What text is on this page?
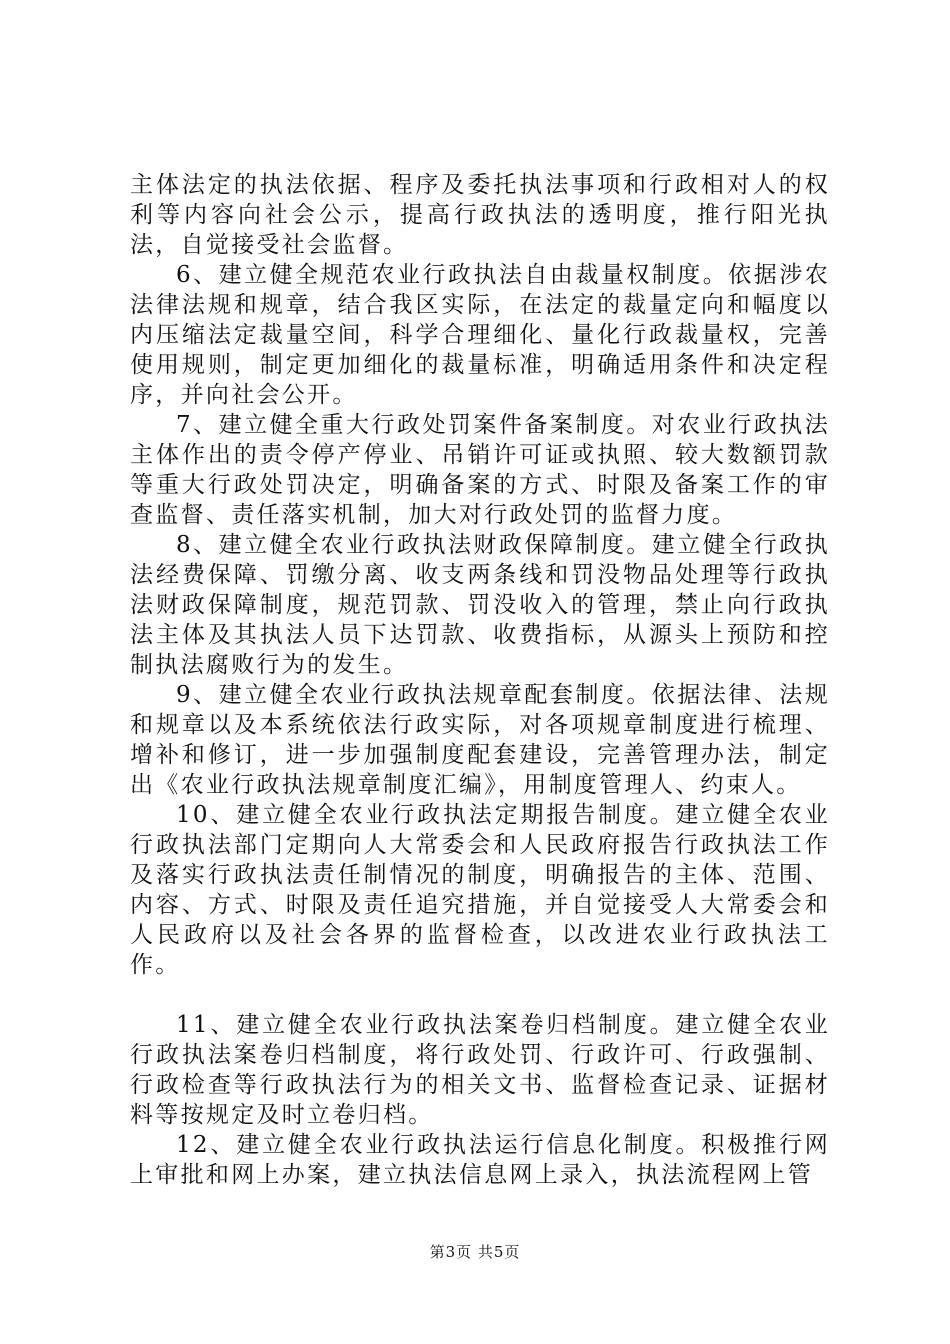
主体法定的执法依据、程序及委托执法事项和行政相对人的权利等内容向社会公示，提高行政执法的透明度，推行阳光执法，自觉接受社会监督。

6、建立健全规范农业行政执法自由裁量权制度。依据涉农法律法规和规章，结合我区实际，在法定的裁量定向和幅度以内压缩法定裁量空间，科学合理细化、量化行政裁量权，完善使用规则，制定更加细化的裁量标准，明确适用条件和决定程序，并向社会公开。

7、建立健全重大行政处罚案件备案制度。对农业行政执法主体作出的责令停产停业、吊销许可证或执照、较大数额罚款等重大行政处罚决定，明确备案的方式、时限及备案工作的审查监督、责任落实机制，加大对行政处罚的监督力度。

8、建立健全农业行政执法财政保障制度。建立健全行政执法经费保障、罚缴分离、收支两条线和罚没物品处理等行政执法财政保障制度，规范罚款、罚没收入的管理，禁止向行政执法主体及其执法人员下达罚款、收费指标，从源头上预防和控制执法腐败行为的发生。

9、建立健全农业行政执法规章配套制度。依据法律、法规和规章以及本系统依法行政实际，对各项规章制度进行梳理、增补和修订，进一步加强制度配套建设，完善管理办法，制定出《农业行政执法规章制度汇编》，用制度管理人、约束人。

10、建立健全农业行政执法定期报告制度。建立健全农业行政执法部门定期向人大常委会和人民政府报告行政执法工作及落实行政执法责任制情况的制度，明确报告的主体、范围、内容、方式、时限及责任追究措施，并自觉接受人大常委会和人民政府以及社会各界的监督检查，以改进农业行政执法工作。

11、建立健全农业行政执法案卷归档制度。建立健全农业行政执法案卷归档制度，将行政处罚、行政许可、行政强制、行政检查等行政执法行为的相关文书、监督检查记录、证据材料等按规定及时立卷归档。

12、建立健全农业行政执法运行信息化制度。积极推行网上审批和网上办案，建立执法信息网上录入，执法流程网上管

第3页 共5页
